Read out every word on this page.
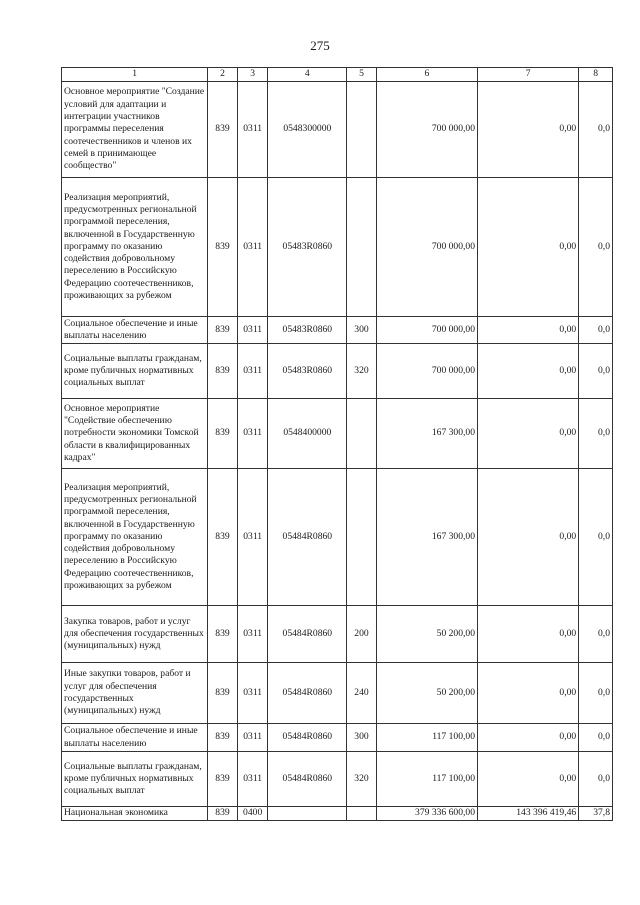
275
1	2	3	4	5	6	7	8
Основное мероприятие "Создание условий для адаптации и интеграции участников программы переселения соотечественников и членов их семей в принимающее сообщество"	839	0311	0548300000		700 000,00	0,00	0,0
Реализация мероприятий, предусмотренных региональной программой переселения, включенной в Государственную программу по оказанию содействия добровольному переселению в Российскую Федерацию соотечественников, проживающих за рубежом	839	0311	05483R0860		700 000,00	0,00	0,0
Социальное обеспечение и иные выплаты населению	839	0311	05483R0860	300	700 000,00	0,00	0,0
Социальные выплаты гражданам, кроме публичных нормативных социальных выплат	839	0311	05483R0860	320	700 000,00	0,00	0,0
Основное мероприятие "Содействие обеспечению потребности экономики Томской области в квалифицированных кадрах"	839	0311	0548400000		167 300,00	0,00	0,0
Реализация мероприятий, предусмотренных региональной программой переселения, включенной в Государственную программу по оказанию содействия добровольному переселению в Российскую Федерацию соотечественников, проживающих за рубежом	839	0311	05484R0860		167 300,00	0,00	0,0
Закупка товаров, работ и услуг для обеспечения государственных (муниципальных) нужд	839	0311	05484R0860	200	50 200,00	0,00	0,0
Иные закупки товаров, работ и услуг для обеспечения государственных (муниципальных) нужд	839	0311	05484R0860	240	50 200,00	0,00	0,0
Социальное обеспечение и иные выплаты населению	839	0311	05484R0860	300	117 100,00	0,00	0,0
Социальные выплаты гражданам, кроме публичных нормативных социальных выплат	839	0311	05484R0860	320	117 100,00	0,00	0,0
Национальная экономика	839	0400			379 336 600,00	143 396 419,46	37,8
